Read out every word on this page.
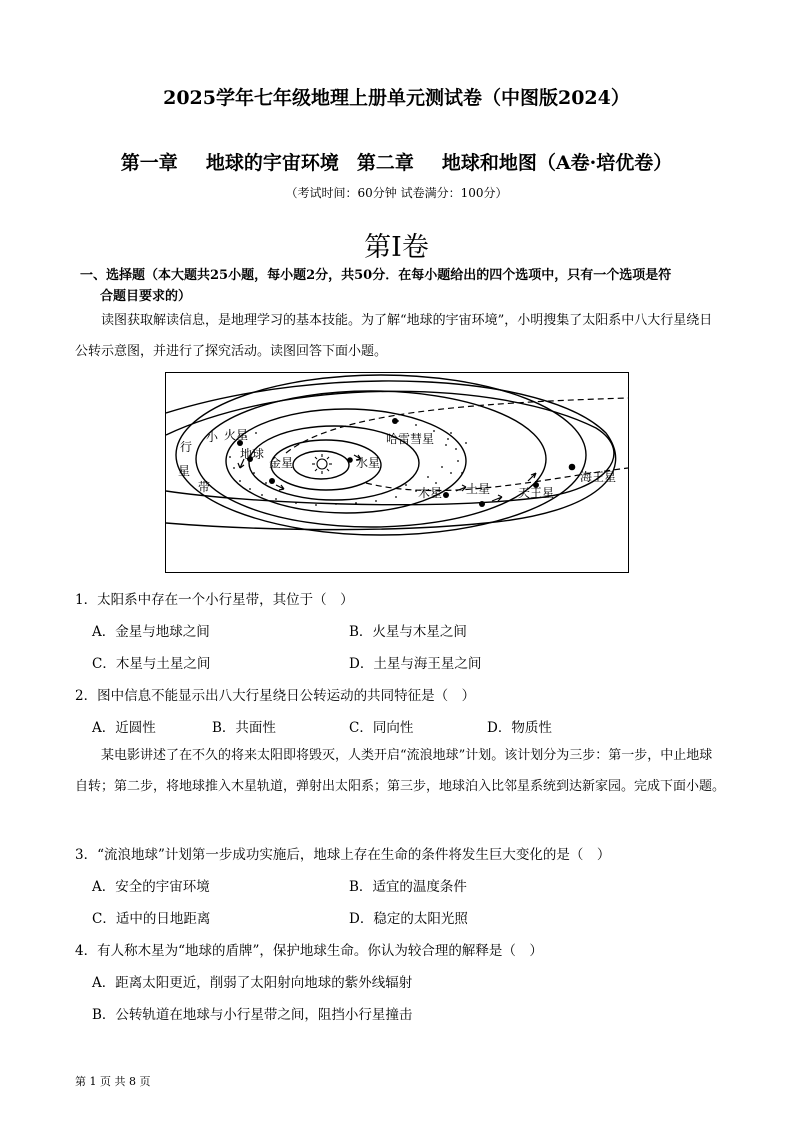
2025学年七年级地理上册单元测试卷（中图版2024）
第一章 地球的宇宙环境 第二章 地球和地图（A卷·培优卷）
（考试时间：60分钟 试卷满分：100分）
第I卷
一、选择题（本大题共25小题，每小题2分，共50分．在每小题给出的四个选项中，只有一个选项是符
合题目要求的）
读图获取解读信息，是地理学习的基本技能。为了解“地球的宇宙环境”，小明搜集了太阳系中八大行星绕日公转示意图，并进行了探究活动。读图回答下面小题。
行
星
带
小 火星
地球
金星	水星
哈雷彗星
木星 土星 天王星
海王星
1．太阳系中存在一个小行星带，其位于（　）
A．金星与地球之间	B．火星与木星之间
C．木星与土星之间	D．土星与海王星之间
2．图中信息不能显示出八大行星绕日公转运动的共同特征是（　）
A．近圆性	B．共面性	C．同向性	D．物质性
某电影讲述了在不久的将来太阳即将毁灭，人类开启“流浪地球”计划。该计划分为三步：第一步，中止地球自转；第二步，将地球推入木星轨道，弹射出太阳系；第三步，地球泊入比邻星系统到达新家园。完成下面小题。
3．“流浪地球”计划第一步成功实施后，地球上存在生命的条件将发生巨大变化的是（　）
A．安全的宇宙环境	B．适宜的温度条件
C．适中的日地距离	D．稳定的太阳光照
4．有人称木星为“地球的盾牌”，保护地球生命。你认为较合理的解释是（　）
A．距离太阳更近，削弱了太阳射向地球的紫外线辐射
B．公转轨道在地球与小行星带之间，阻挡小行星撞击
第 1 页 共 8 页
